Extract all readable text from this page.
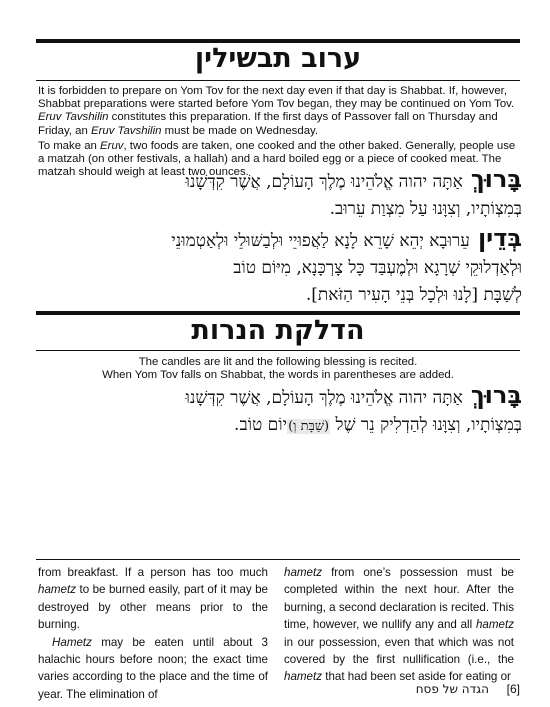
ערוב תבשילין

It is forbidden to prepare on Yom Tov for the next day even if that day is Shabbat. If, however, Shabbat preparations were started before Yom Tov began, they may be continued on Yom Tov. Eruv Tavshilin constitutes this preparation. If the first days of Passover fall on Thursday and Friday, an Eruv Tavshilin must be made on Wednesday.

To make an Eruv, two foods are taken, one cooked and the other baked. Generally, people use a matzah (on other festivals, a hallah) and a hard boiled egg or a piece of cooked meat. The matzah should weigh at least two ounces.	בָּרוּךְאַתָּה יהוה אֱלֹהֵינוּ מֶלֶךְ הָעוֹלָם, אֲשֶׁר קִדְּשָׁנוּ
בְּמִצְוֹתָיו, וְצִוָּנוּ עַל מִצְוַת עֵרוּב.
בְּדֵיןעֵרוּבָא יְהֵא שָׁרֵא לָנָא לַאֲפוּיֵי וּלְבַשּׁוּלֵי וּלְאַטְמוּנֵי
וּלְאַדְלוּקֵי שְׁרָגָא וּלְמֶעְבַּד כָּל צָרְכָּנָא, מִיּוֹם טוֹב
לְשַׁבָּת [לָנוּ וּלְכָל בְּנֵי הָעִיר הַזֹּאת].
הדלקת הנרות

The candles are lit and the following blessing is recited.

When Yom Tov falls on Shabbat, the words in parentheses are added.

בָּרוּךְאַתָּה יהוה אֱלֹהֵינוּ מֶלֶךְ הָעוֹלָם, אֲשֶׁר קִדְּשָׁנוּ
בְּמִצְוֹתָיו, וְצִוָּנוּ לְהַדְלִיק נֵר שֶׁל (שַׁבָּת וְ)יוֹם טוֹב.

from breakfast. If a person has too much hametz to be burned easily, part of it may be destroyed by other means prior to the burning.

Hametz may be eaten until about 3 halachic hours before noon; the exact time varies according to the place and the time of year. The elimination of

hametz from one’s possession must be completed within the next hour. After the burning, a second declaration is recited. This time, however, we nullify any and all hametz in our possession, even that which was not covered by the first nullification (i.e., the hametz that had been set aside for eating or

[6]  הגדה של פסח
